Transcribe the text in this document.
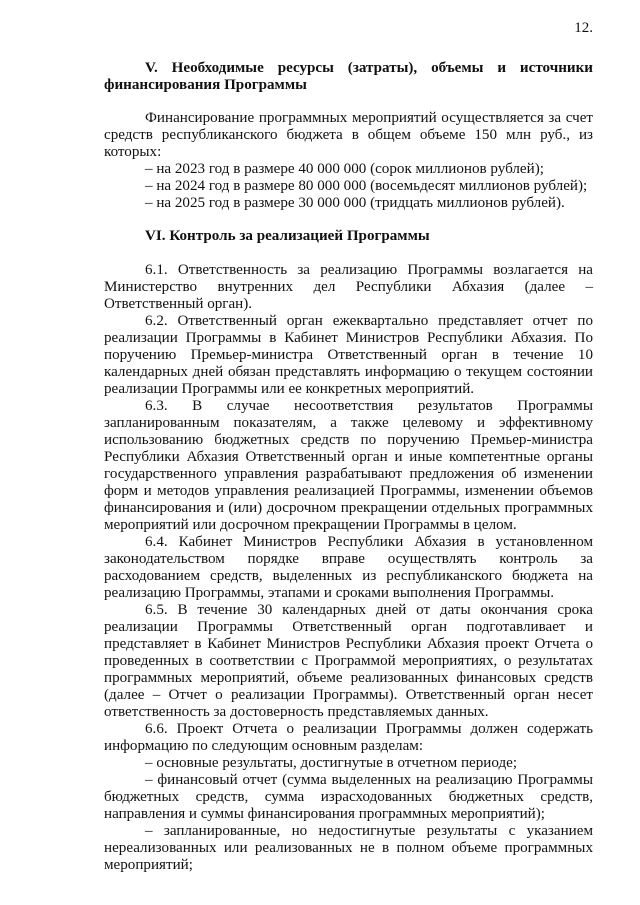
12.

V. Необходимые ресурсы (затраты), объемы и источники финансирования Программы

Финансирование программных мероприятий осуществляется за счет средств республиканского бюджета в общем объеме 150 млн руб., из которых:

– на 2023 год в размере 40 000 000 (сорок миллионов рублей);

– на 2024 год в размере 80 000 000 (восемьдесят миллионов рублей);

– на 2025 год в размере 30 000 000 (тридцать миллионов рублей).

VI. Контроль за реализацией Программы

6.1. Ответственность за реализацию Программы возлагается на Министерство внутренних дел Республики Абхазия (далее – Ответственный орган).

6.2. Ответственный орган ежеквартально представляет отчет по реализации Программы в Кабинет Министров Республики Абхазия. По поручению Премьер-министра Ответственный орган в течение 10 календарных дней обязан представлять информацию о текущем состоянии реализации Программы или ее конкретных мероприятий.

6.3. В случае несоответствия результатов Программы запланированным показателям, а также целевому и эффективному использованию бюджетных средств по поручению Премьер-министра Республики Абхазия Ответственный орган и иные компетентные органы государственного управления разрабатывают предложения об изменении форм и методов управления реализацией Программы, изменении объемов финансирования и (или) досрочном прекращении отдельных программных мероприятий или досрочном прекращении Программы в целом.

6.4. Кабинет Министров Республики Абхазия в установленном законодательством порядке вправе осуществлять контроль за расходованием средств, выделенных из республиканского бюджета на реализацию Программы, этапами и сроками выполнения Программы.

6.5. В течение 30 календарных дней от даты окончания срока реализации Программы Ответственный орган подготавливает и представляет в Кабинет Министров Республики Абхазия проект Отчета о проведенных в соответствии с Программой мероприятиях, о результатах программных мероприятий, объеме реализованных финансовых средств (далее – Отчет о реализации Программы). Ответственный орган несет ответственность за достоверность представляемых данных.

6.6. Проект Отчета о реализации Программы должен содержать информацию по следующим основным разделам:

– основные результаты, достигнутые в отчетном периоде;

– финансовый отчет (сумма выделенных на реализацию Программы бюджетных средств, сумма израсходованных бюджетных средств, направления и суммы финансирования программных мероприятий);

– запланированные, но недостигнутые результаты с указанием нереализованных или реализованных не в полном объеме программных мероприятий;
